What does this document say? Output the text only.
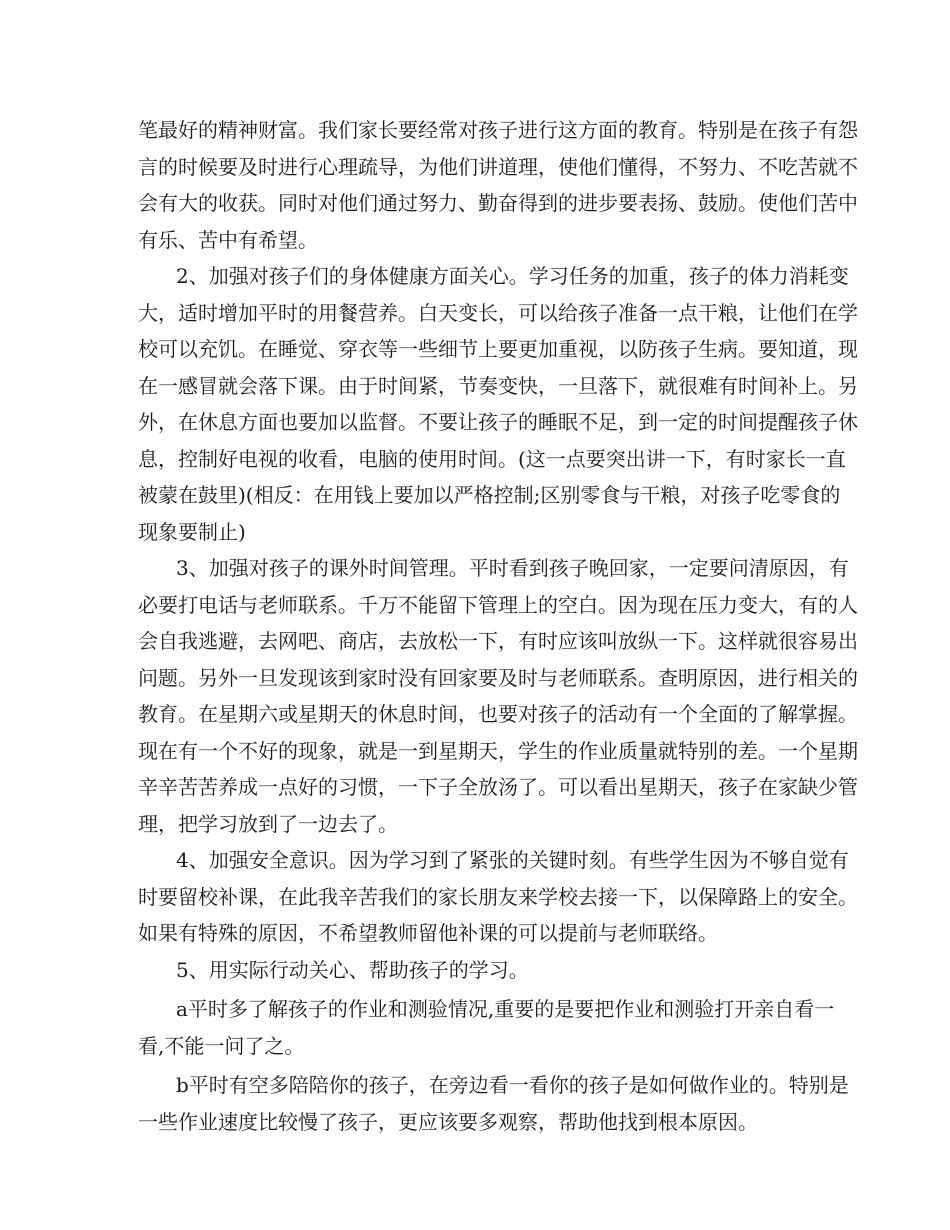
笔最好的精神财富。我们家长要经常对孩子进行这方面的教育。特别是在孩子有怨
言的时候要及时进行心理疏导，为他们讲道理，使他们懂得，不努力、不吃苦就不
会有大的收获。同时对他们通过努力、勤奋得到的进步要表扬、鼓励。使他们苦中
有乐、苦中有希望。
2、加强对孩子们的身体健康方面关心。学习任务的加重，孩子的体力消耗变
大，适时增加平时的用餐营养。白天变长，可以给孩子准备一点干粮，让他们在学
校可以充饥。在睡觉、穿衣等一些细节上要更加重视，以防孩子生病。要知道，现
在一感冒就会落下课。由于时间紧，节奏变快，一旦落下，就很难有时间补上。另
外，在休息方面也要加以监督。不要让孩子的睡眠不足，到一定的时间提醒孩子休
息，控制好电视的收看，电脑的使用时间。(这一点要突出讲一下，有时家长一直
被蒙在鼓里)(相反：在用钱上要加以严格控制;区别零食与干粮，对孩子吃零食的
现象要制止)
3、加强对孩子的课外时间管理。平时看到孩子晚回家，一定要问清原因，有
必要打电话与老师联系。千万不能留下管理上的空白。因为现在压力变大，有的人
会自我逃避，去网吧、商店，去放松一下，有时应该叫放纵一下。这样就很容易出
问题。另外一旦发现该到家时没有回家要及时与老师联系。查明原因，进行相关的
教育。在星期六或星期天的休息时间，也要对孩子的活动有一个全面的了解掌握。
现在有一个不好的现象，就是一到星期天，学生的作业质量就特别的差。一个星期
辛辛苦苦养成一点好的习惯，一下子全放汤了。可以看出星期天，孩子在家缺少管
理，把学习放到了一边去了。
4、加强安全意识。因为学习到了紧张的关键时刻。有些学生因为不够自觉有
时要留校补课，在此我辛苦我们的家长朋友来学校去接一下，以保障路上的安全。
如果有特殊的原因，不希望教师留他补课的可以提前与老师联络。
5、用实际行动关心、帮助孩子的学习。
a平时多了解孩子的作业和测验情况,重要的是要把作业和测验打开亲自看一
看,不能一问了之。
b平时有空多陪陪你的孩子，在旁边看一看你的孩子是如何做作业的。特别是
一些作业速度比较慢了孩子，更应该要多观察，帮助他找到根本原因。
